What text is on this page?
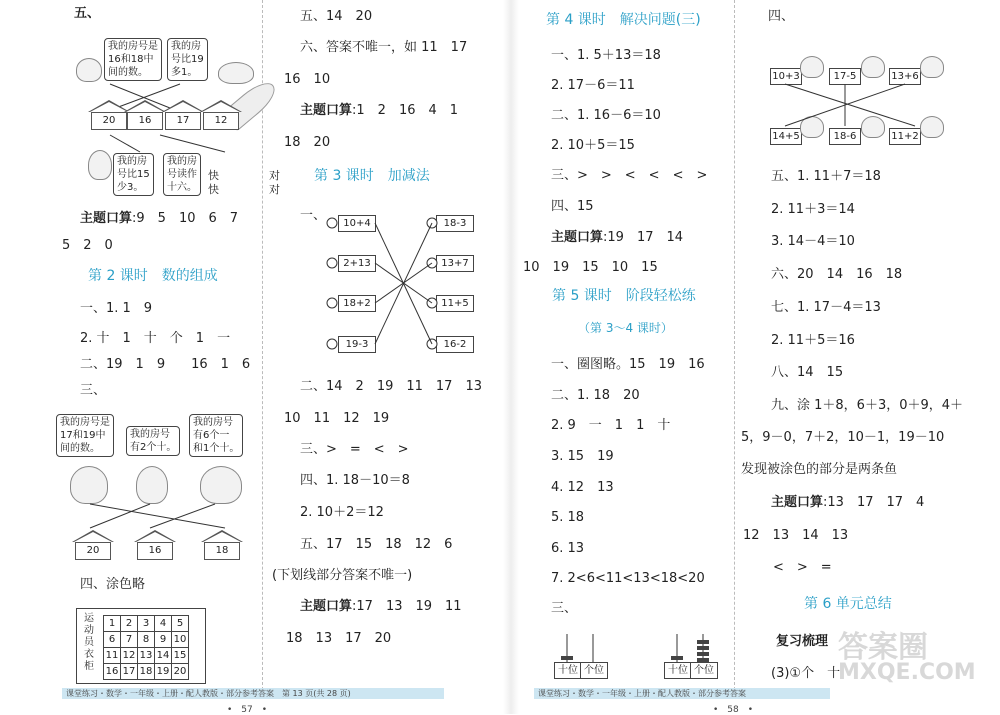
五、
我的房号是
16和18中
间的数。
我的房
号比19
多1。
20	16	17	12
我的房
号比15
少3。
我的房
号读作
十六。
快
快
对
对
主题口算:9　5　10　6　7
5　2　0
第 2 课时　数的组成
一、1. 1　9
2. 十　1　十　个　1　一
二、19　1　9　　16　1　6
三、
我的房号是
17和19中
间的数。
我的房号
有2个十。
我的房号
有6个一
和1个十。
20	16	18
四、涂色略
运
动
员
衣
柜
1	2	3	4	5
6	7	8	9	10
11	12	13	14	15
16	17	18	19	20
五、14　20
六、答案不唯一，如 11　17
16　10
主题口算:1　2　16　4　1
18　20
第 3 课时　加减法
一、
10+4
2+13
18+2
19-3
18-3
13+7
11+5
16-2
二、14　2　19　11　17　13
10　11　12　19
三、>　=　<　>
四、1. 18－10＝8
2. 10＋2＝12
五、17　15　18　12　6
(下划线部分答案不唯一)
主题口算:17　13　19　11
18　13　17　20
第 4 课时　解决问题(三)
一、1. 5＋13＝18
2. 17－6＝11
二、1. 16－6＝10
2. 10＋5＝15
三、>　>　<　<　<　>
四、15
主题口算:19　17　14
10　19　15　10　15
第 5 课时　阶段轻松练
（第 3～4 课时）
一、圈图略。15　19　16
二、1. 18　20
2. 9　一　1　1　十
3. 15　19
4. 12　13
5. 18
6. 13
7. 2<6<11<13<18<20
三、
十位 个位	十位 个位
四、
10+3	17-5	13+6
14+5	18-6	11+2
五、1. 11＋7＝18
2. 11＋3＝14
3. 14－4＝10
六、20　14　16　18
七、1. 17－4＝13
2. 11＋5＝16
八、14　15
九、涂 1＋8，6＋3，0＋9，4＋
5，9－0，7＋2，10－1，19－10
发现被涂色的部分是两条鱼
主题口算:13　17　17　4
12　13　14　13
<　>　=
第 6 单元总结
复习梳理
(3)①个　十
答案圈
MXQE.COM
课堂练习・数学・一年级・上册・配人教版・部分参考答案　第 13 页(共 28 页)	课堂练习・数学・一年级・上册・配人教版・部分参考答案
•　57　•	•　58　•
